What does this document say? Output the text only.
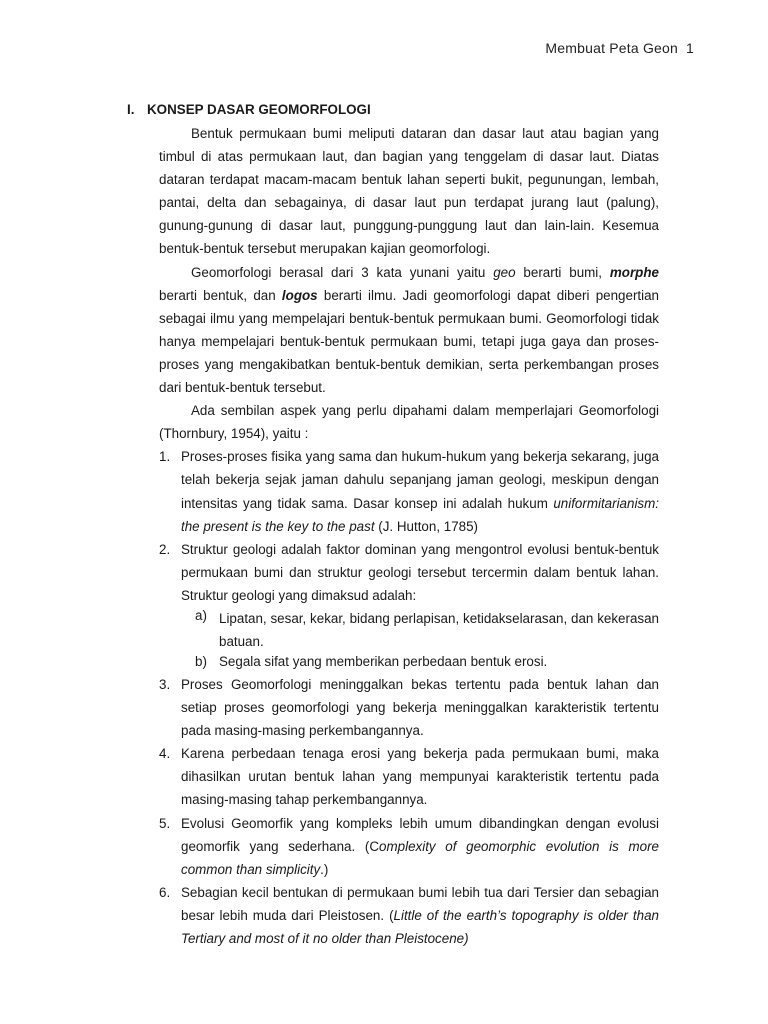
Membuat Peta Geon 1
I. KONSEP DASAR GEOMORFOLOGI

Bentuk permukaan bumi meliputi dataran dan dasar laut atau bagian yang timbul di atas permukaan laut, dan bagian yang tenggelam di dasar laut. Diatas dataran terdapat macam-macam bentuk lahan seperti bukit, pegunungan, lembah, pantai, delta dan sebagainya, di dasar laut pun terdapat jurang laut (palung), gunung-gunung di dasar laut, punggung-punggung laut dan lain-lain. Kesemua bentuk-bentuk tersebut merupakan kajian geomorfologi.

Geomorfologi berasal dari 3 kata yunani yaitu geo berarti bumi, morphe berarti bentuk, dan logos berarti ilmu. Jadi geomorfologi dapat diberi pengertian sebagai ilmu yang mempelajari bentuk-bentuk permukaan bumi. Geomorfologi tidak hanya mempelajari bentuk-bentuk permukaan bumi, tetapi juga gaya dan proses-proses yang mengakibatkan bentuk-bentuk demikian, serta perkembangan proses dari bentuk-bentuk tersebut.

Ada sembilan aspek yang perlu dipahami dalam memperlajari Geomorfologi (Thornbury, 1954), yaitu :

1. Proses-proses fisika yang sama dan hukum-hukum yang bekerja sekarang, juga telah bekerja sejak jaman dahulu sepanjang jaman geologi, meskipun dengan intensitas yang tidak sama. Dasar konsep ini adalah hukum uniformitarianism: the present is the key to the past (J. Hutton, 1785)
2. Struktur geologi adalah faktor dominan yang mengontrol evolusi bentuk-bentuk permukaan bumi dan struktur geologi tersebut tercermin dalam bentuk lahan. Struktur geologi yang dimaksud adalah:
a) Lipatan, sesar, kekar, bidang perlapisan, ketidakselarasan, dan kekerasan batuan.
b) Segala sifat yang memberikan perbedaan bentuk erosi.
3. Proses Geomorfologi meninggalkan bekas tertentu pada bentuk lahan dan setiap proses geomorfologi yang bekerja meninggalkan karakteristik tertentu pada masing-masing perkembangannya.
4. Karena perbedaan tenaga erosi yang bekerja pada permukaan bumi, maka dihasilkan urutan bentuk lahan yang mempunyai karakteristik tertentu pada masing-masing tahap perkembangannya.
5. Evolusi Geomorfik yang kompleks lebih umum dibandingkan dengan evolusi geomorfik yang sederhana. (Complexity of geomorphic evolution is more common than simplicity.)
6. Sebagian kecil bentukan di permukaan bumi lebih tua dari Tersier dan sebagian besar lebih muda dari Pleistosen. (Little of the earth’s topography is older than Tertiary and most of it no older than Pleistocene)
